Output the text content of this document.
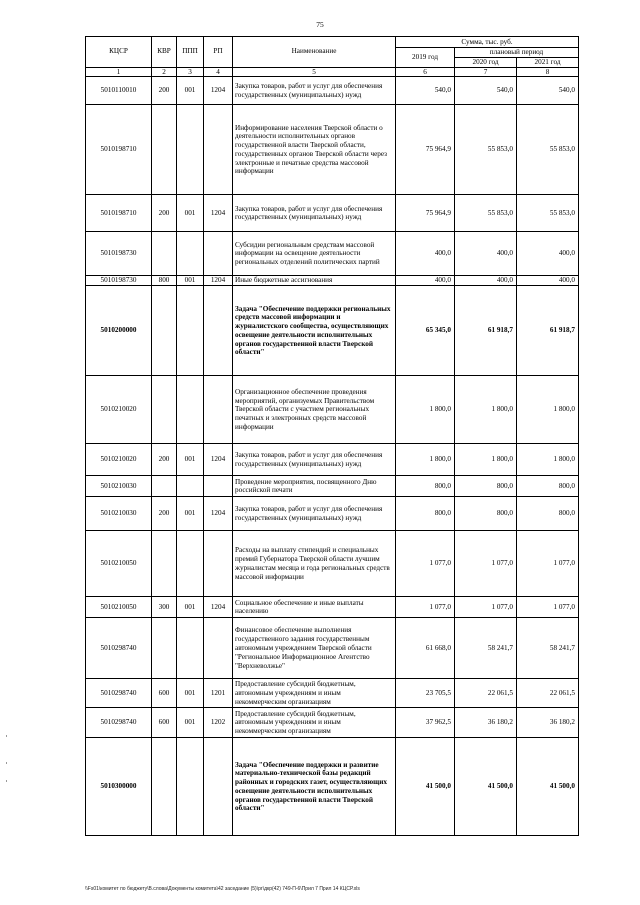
75
КЦСР	КВР	ППП	РП	Наименование	Сумма, тыс. руб.		
					2019 год	плановый период	
						2020 год	2021 год
1	2	3	4	5	6	7	8
5010110010	200	001	1204	Закупка товаров, работ и услуг для обеспечения государственных (муниципальных) нужд	540,0	540,0	540,0
5010198710				Информирование населения Тверской области о деятельности исполнительных органов государственной власти Тверской области, государственных органов Тверской области через электронные и печатные средства массовой информации	75 964,9	55 853,0	55 853,0
5010198710	200	001	1204	Закупка товаров, работ и услуг для обеспечения государственных (муниципальных) нужд	75 964,9	55 853,0	55 853,0
5010198730				Субсидии региональным средствам массовой информации на освещение деятельности региональных отделений политических партий	400,0	400,0	400,0
5010198730	800	001	1204	Иные бюджетные ассигнования	400,0	400,0	400,0
5010200000				Задача "Обеспечение поддержки региональных средств массовой информации и журналистского сообщества, осуществляющих освещение деятельности исполнительных органов государственной власти Тверской области"	65 345,0	61 918,7	61 918,7
5010210020				Организационное обеспечение проведения мероприятий, организуемых Правительством Тверской области с участием региональных печатных и электронных средств массовой информации	1 800,0	1 800,0	1 800,0
5010210020	200	001	1204	Закупка товаров, работ и услуг для обеспечения государственных (муниципальных) нужд	1 800,0	1 800,0	1 800,0
5010210030				Проведение мероприятия, посвященного Дню российской печати	800,0	800,0	800,0
5010210030	200	001	1204	Закупка товаров, работ и услуг для обеспечения государственных (муниципальных) нужд	800,0	800,0	800,0
5010210050				Расходы на выплату стипендий и специальных премий Губернатора Тверской области лучшим журналистам месяца и года региональных средств массовой информации	1 077,0	1 077,0	1 077,0
5010210050	300	001	1204	Социальное обеспечение и иные выплаты населению	1 077,0	1 077,0	1 077,0
5010298740				Финансовое обеспечение выполнения государственного задания государственным автономным учреждением Тверской области "Региональное Информационное Агентство "Верхневолжье"	61 668,0	58 241,7	58 241,7
5010298740	600	001	1201	Предоставление субсидий бюджетным, автономным учреждениям и иным некоммерческим организациям	23 705,5	22 061,5	22 061,5
5010298740	600	001	1202	Предоставление субсидий бюджетным, автономным учреждениям и иным некоммерческим организациям	37 962,5	36 180,2	36 180,2
5010300000				Задача "Обеспечение поддержки и развитие материально-технической базы редакций районных и городских газет, осуществляющих освещение деятельности исполнительных органов государственной власти Тверской области"	41 500,0	41 500,0	41 500,0
\\Fs01\комитет по бюджету\В.слова\Документы комитета\42 заседание (5)\рг\дкр(42) 749-П-6\Прил 7 Прил 14 КЦСР.xls
